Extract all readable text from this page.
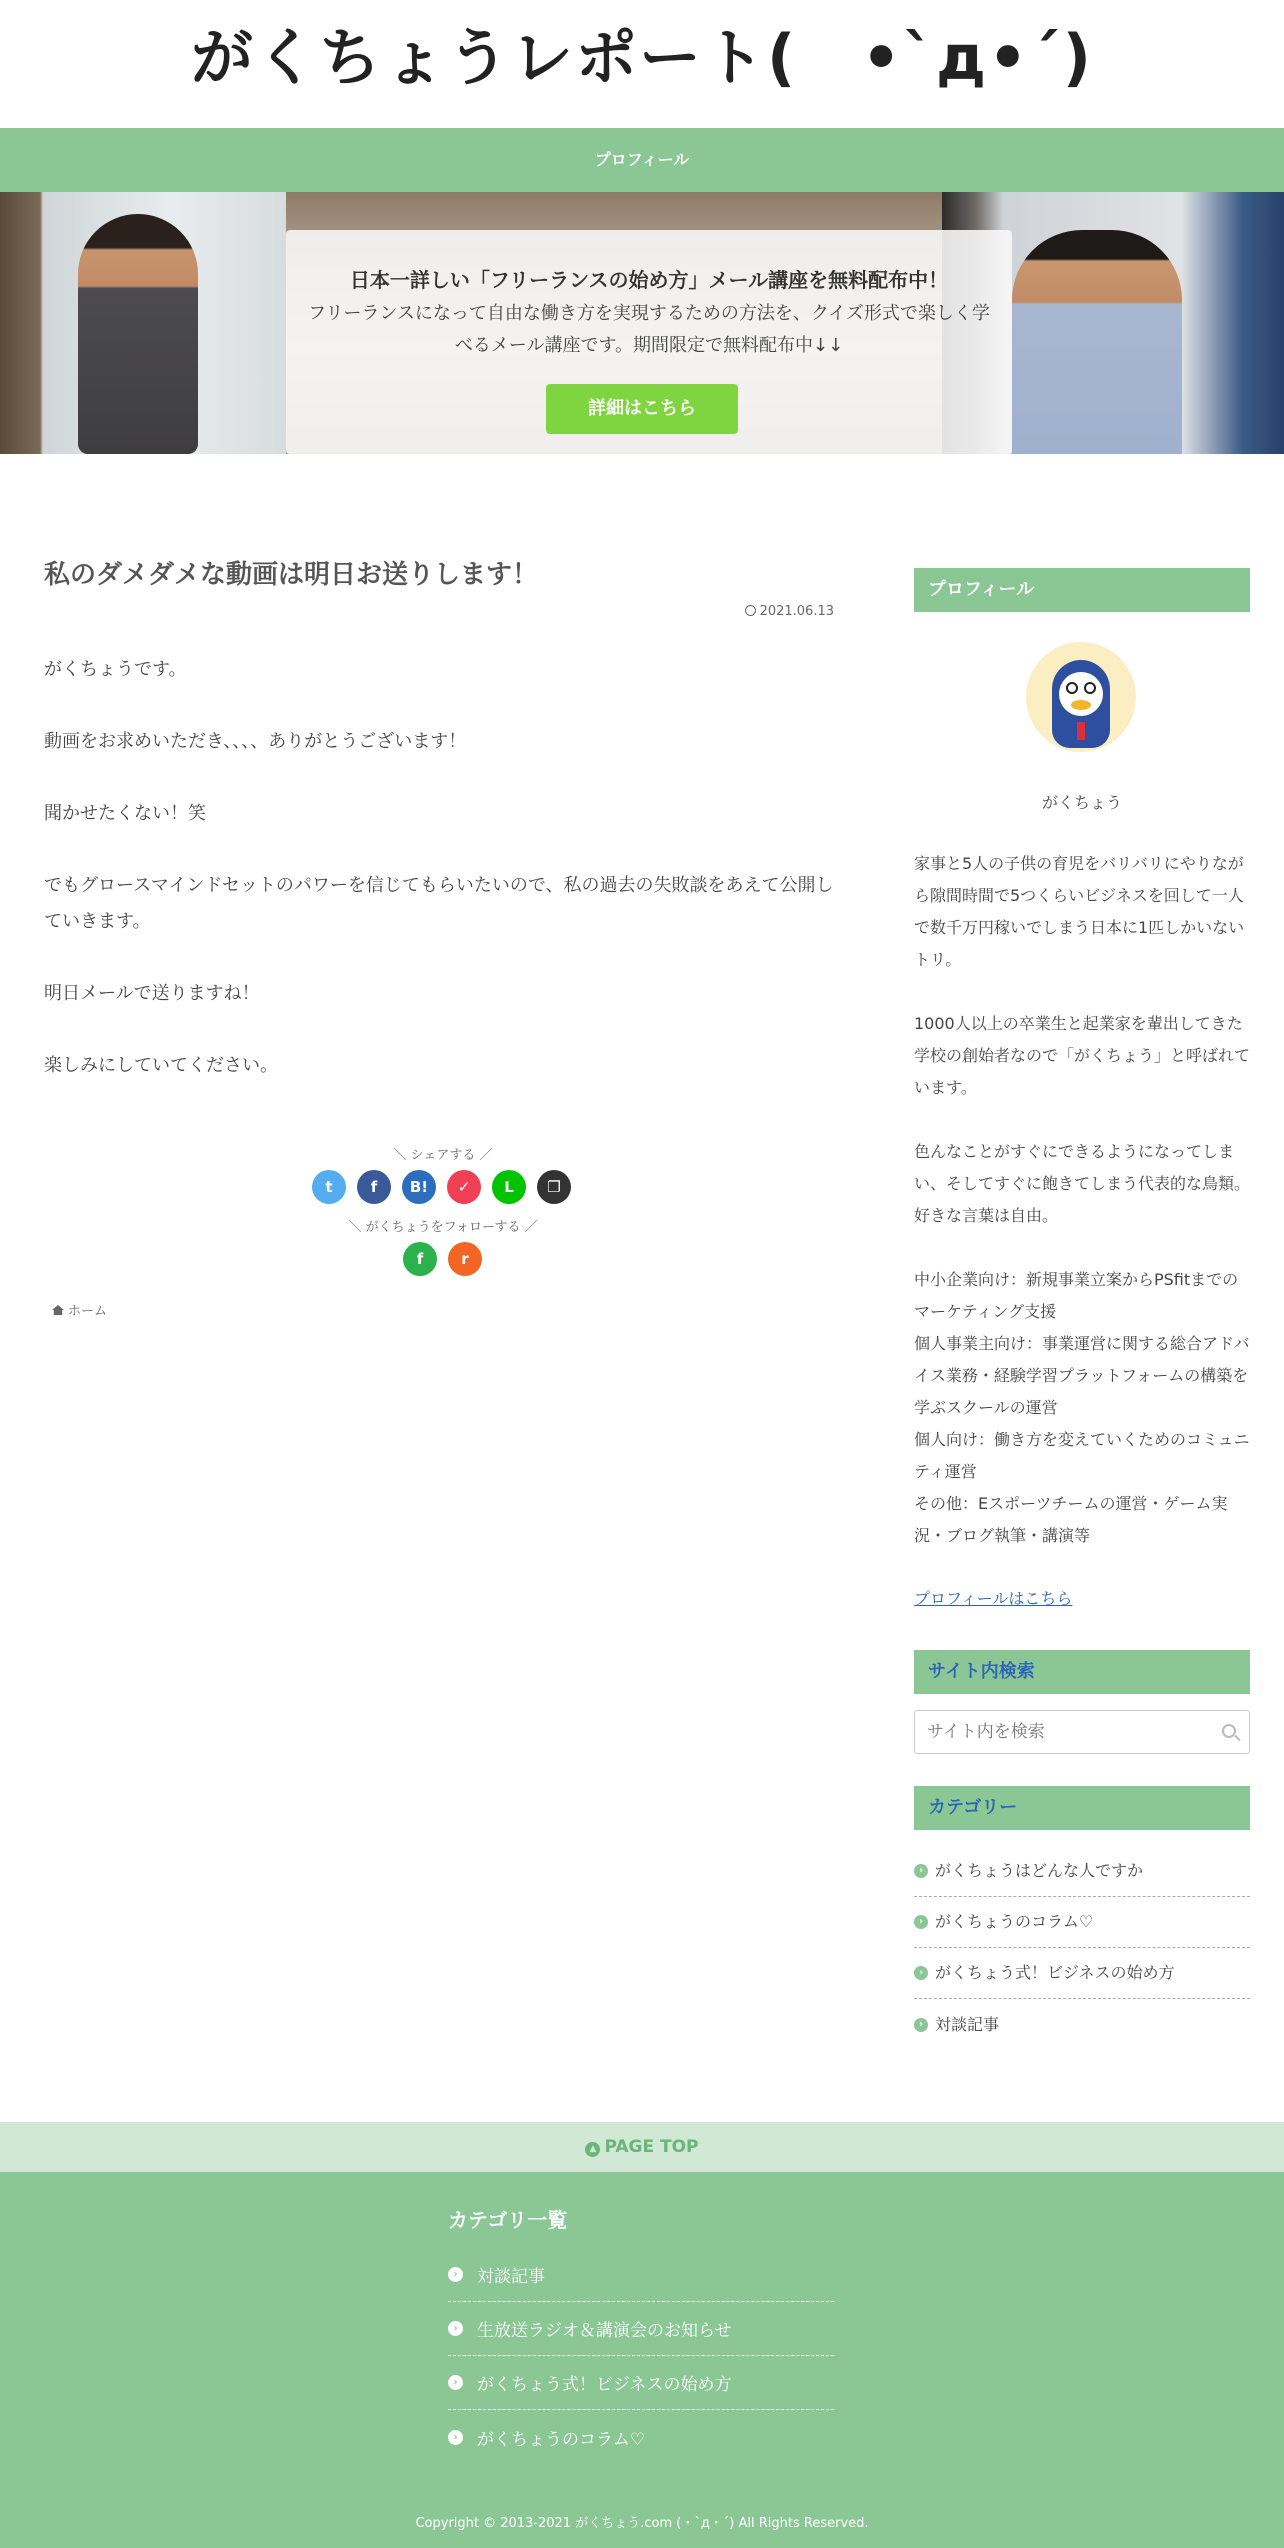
がくちょうレポート(　•`д•´)
プロフィール
日本一詳しい「フリーランスの始め方」メール講座を無料配布中！
フリーランスになって自由な働き方を実現するための方法を、クイズ形式で楽しく学べるメール講座です。期間限定で無料配布中↓↓
詳細はこちら
私のダメダメな動画は明日お送りします！
2021.06.13

がくちょうです。

動画をお求めいただき、、、、ありがとうございます！

聞かせたくない！笑

でもグロースマインドセットのパワーを信じてもらいたいので、私の過去の失敗談をあえて公開していきます。

明日メールで送りますね！

楽しみにしていてください。

＼ シェアする ／
t	f	B!	✓	L	❐
＼ がくちょうをフォローする ／
f	r
ホーム
プロフィール
がくちょう

家事と5人の子供の育児をバリバリにやりながら隙間時間で5つくらいビジネスを回して一人で数千万円稼いでしまう日本に1匹しかいないトリ。

1000人以上の卒業生と起業家を輩出してきた学校の創始者なので「がくちょう」と呼ばれています。

色んなことがすぐにできるようになってしまい、そしてすぐに飽きてしまう代表的な鳥類。好きな言葉は自由。

中小企業向け：新規事業立案からPSfitまでのマーケティング支援

個人事業主向け：事業運営に関する総合アドバイス業務・経験学習プラットフォームの構築を学ぶスクールの運営

個人向け：働き方を変えていくためのコミュニティ運営

その他：Eスポーツチームの運営・ゲーム実況・ブログ執筆・講演等

プロフィールはこちら
サイト内検索
サイト内を検索
カテゴリー
› がくちょうはどんな人ですか
› がくちょうのコラム♡
› がくちょう式！ビジネスの始め方
› 対談記事
▲ PAGE TOP
カテゴリ一覧
›	対談記事
›	生放送ラジオ＆講演会のお知らせ
›	がくちょう式！ビジネスの始め方
›	がくちょうのコラム♡
Copyright © 2013-2021 がくちょう.com (・`д・´) All Rights Reserved.
